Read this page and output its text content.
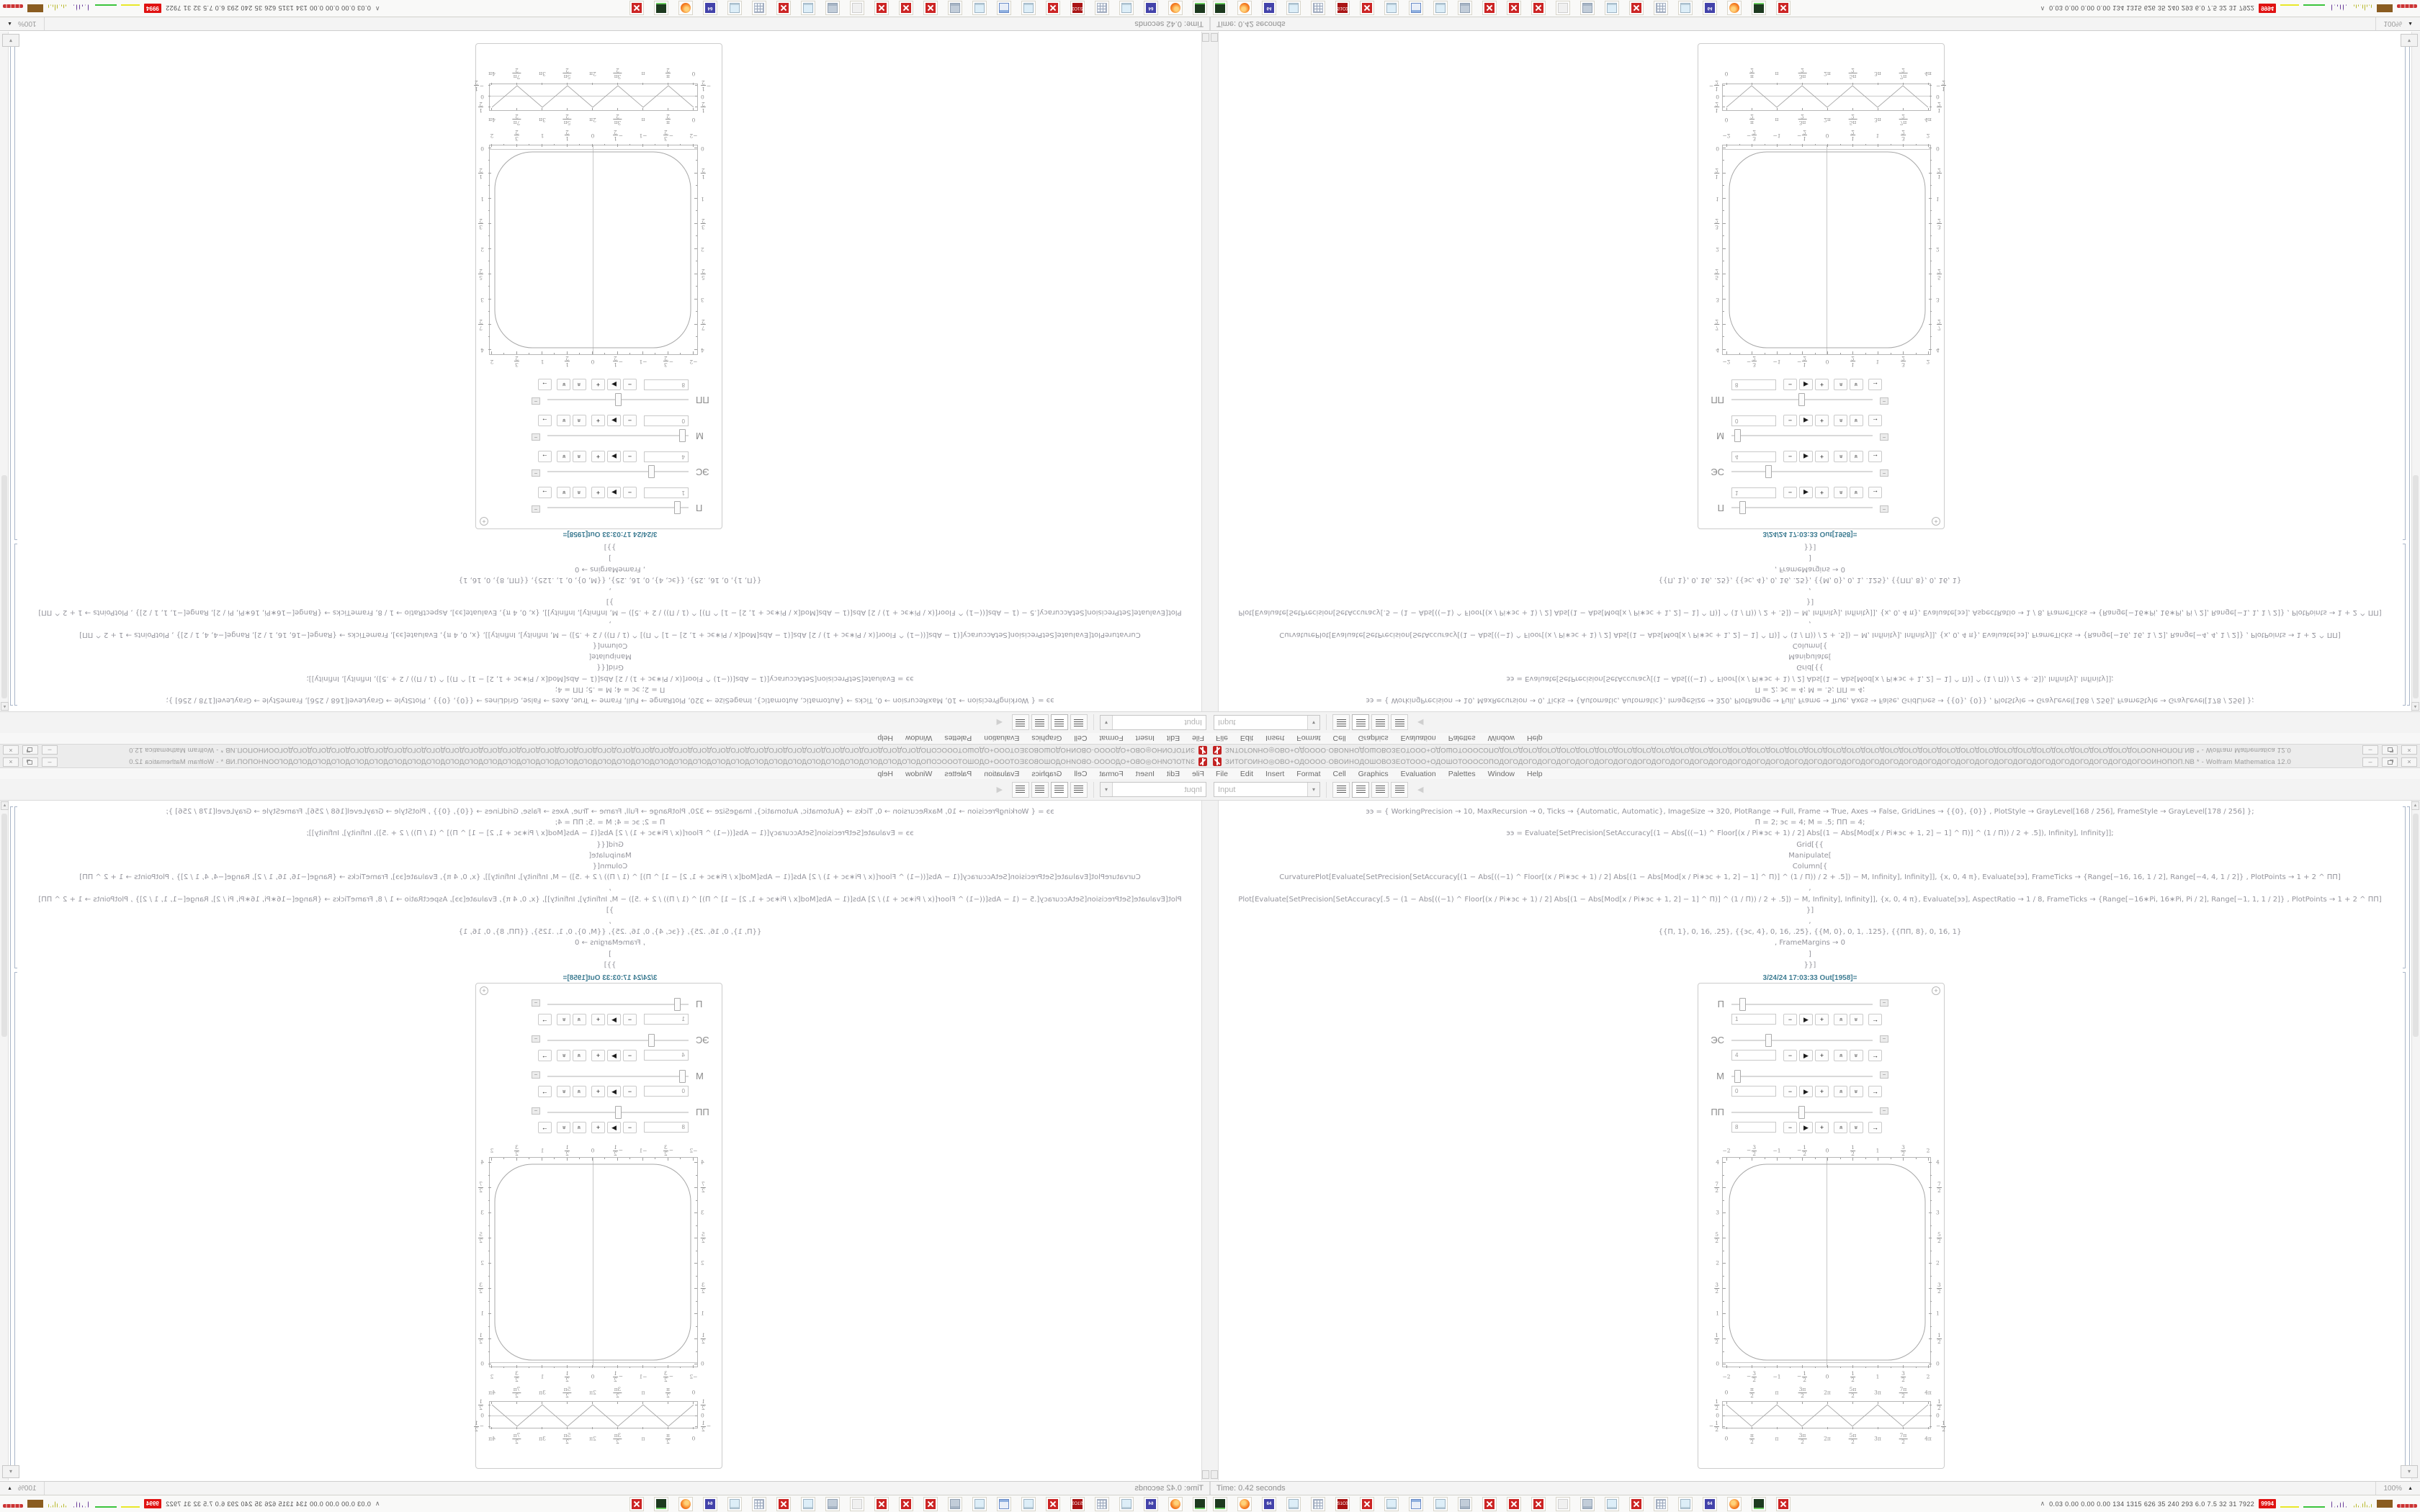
ЗИТОГОИНО◎ОВО+ОДОООО·ОВОИНОДОШОВОЗЕОТООО+ОДОШОТОООСОПОДОГОДОГОДОГОДОГОДОГОДОГОДОГОДОГОДОГОДОГОДОГОДОГОДОГОДОГОДОГОДОГОДОГОДОГОДОГОДОГОДОГОДОГОДОГОДОГОДОГОДОГОДОГОДОГОДОГОДОГОДОГОДОГОДОГОДОГООИНОПОП.NB * - Wolfram Mathematica 12.0
–
×
File
Edit
Insert
Format
Cell
Graphics
Evaluation
Palettes
Window
Help
Input
▾
◀
ээ = { WorkingPrecision → 10, MaxRecursion → 0, Ticks → {Automatic, Automatic}, ImageSize → 320, PlotRange → Full, Frame → True, Axes → False, GridLines → {{0}, {0}} , PlotStyle → GrayLevel[168 / 256], FrameStyle → GrayLevel[178 / 256] };
П = 2; эс = 4; M = .5; ПП = 4;
ээ = Evaluate[SetPrecision[SetAccuracy[(1 − Abs[((−1) ^ Floor[(x / Pi∗эс + 1) / 2] Abs[(1 − Abs[Mod[x / Pi∗эс + 1, 2] − 1] ^ П)] ^ (1 / П)) / 2 + .5]), Infinity], Infinity]];
Grid[{{
Manipulate[
Column[{
CurvaturePlot[Evaluate[SetPrecision[SetAccuracy[(1 − Abs[((−1) ^ Floor[(x / Pi∗эс + 1) / 2] Abs[(1 − Abs[Mod[x / Pi∗эс + 1, 2] − 1] ^ П)] ^ (1 / П)) / 2 + .5]) − M, Infinity], Infinity]], {x, 0, 4 π}, Evaluate[ээ], FrameTicks → {Range[−16, 16, 1 / 2], Range[−4, 4, 1 / 2]} , PlotPoints → 1 + 2 ^ ПП]
,
Plot[Evaluate[SetPrecision[SetAccuracy[.5 − (1 − Abs[((−1) ^ Floor[(x / Pi∗эс + 1) / 2] Abs[(1 − Abs[Mod[x / Pi∗эс + 1, 2] − 1] ^ П)] ^ (1 / П)) / 2 + .5]) − M, Infinity], Infinity]], {x, 0, 4 π}, Evaluate[ээ], AspectRatio → 1 / 8, FrameTicks → {Range[−16∗Pi, 16∗Pi, Pi / 2], Range[−1, 1, 1 / 2]} , PlotPoints → 1 + 2 ^ ПП]
}]
,
{{П, 1}, 0, 16, .25}, {{эс, 4}, 0, 16, .25}, {{M, 0}, 0, 1, .125}, {{ПП, 8}, 0, 16, 1}
, FrameMargins → 0
]
}}]
3/24/24 17:03:33 Out[1958]=
+
П
−
1
−
▶
+
»
»
→
ЭС
−
4
−
▶
+
»
»
→
M
−
0
−
▶
+
»
»
→
ПП
−
8
−
▶
+
»
»
→
−2
−2
−
3
2
−
3
2
−1
−1
−
1
2
−
1
2
0
0
1
2
1
2
1
1
3
2
3
2
2
2
4
4
7
2
7
2
3
3
5
2
5
2
2
2
3
2
3
2
1
1
1
2
1
2
0
0
0
0
π
2
π
2
π
π
3π
2
3π
2
2π
2π
5π
2
5π
2
3π
3π
7π
2
7π
2
4π
4π
1
2
1
2
0
0
−
1
2
−
1
2
▲
▾
Time: 0.42 seconds
100%
▲
64
S1C0
64
∧
0.03 0.00 0.00 0.00 134 1315 626 35 240 293 6.0 7.5 32 31 7922
9994
ЗИТОГОИНО◎ОВО+ОДОООО·ОВОИНОДОШОВОЗЕОТООО+ОДОШОТОООСОПОДОГОДОГОДОГОДОГОДОГОДОГОДОГОДОГОДОГОДОГОДОГОДОГОДОГОДОГОДОГОДОГОДОГОДОГОДОГОДОГОДОГОДОГОДОГОДОГОДОГОДОГОДОГОДОГОДОГОДОГОДОГОДОГОДОГОДОГООИНОПОП.NB * - Wolfram Mathematica 12.0	–	×
File Edit Insert Format Cell Graphics Evaluation Palettes Window Help
Input	▾	◀
ээ = { WorkingPrecision → 10, MaxRecursion → 0, Ticks → {Automatic, Automatic}, ImageSize → 320, PlotRange → Full, Frame → True, Axes → False, GridLines → {{0}, {0}} , PlotStyle → GrayLevel[168 / 256], FrameStyle → GrayLevel[178 / 256] };
П = 2; эс = 4; M = .5; ПП = 4;
ээ = Evaluate[SetPrecision[SetAccuracy[(1 − Abs[((−1) ^ Floor[(x / Pi∗эс + 1) / 2] Abs[(1 − Abs[Mod[x / Pi∗эс + 1, 2] − 1] ^ П)] ^ (1 / П)) / 2 + .5]), Infinity], Infinity]];
Grid[{{
Manipulate[
Column[{
CurvaturePlot[Evaluate[SetPrecision[SetAccuracy[(1 − Abs[((−1) ^ Floor[(x / Pi∗эс + 1) / 2] Abs[(1 − Abs[Mod[x / Pi∗эс + 1, 2] − 1] ^ П)] ^ (1 / П)) / 2 + .5]) − M, Infinity], Infinity]], {x, 0, 4 π}, Evaluate[ээ], FrameTicks → {Range[−16, 16, 1 / 2], Range[−4, 4, 1 / 2]} , PlotPoints → 1 + 2 ^ ПП]
,
Plot[Evaluate[SetPrecision[SetAccuracy[.5 − (1 − Abs[((−1) ^ Floor[(x / Pi∗эс + 1) / 2] Abs[(1 − Abs[Mod[x / Pi∗эс + 1, 2] − 1] ^ П)] ^ (1 / П)) / 2 + .5]) − M, Infinity], Infinity]], {x, 0, 4 π}, Evaluate[ээ], AspectRatio → 1 / 8, FrameTicks → {Range[−16∗Pi, 16∗Pi, Pi / 2], Range[−1, 1, 1 / 2]} , PlotPoints → 1 + 2 ^ ПП]
}]
,
{{П, 1}, 0, 16, .25}, {{эс, 4}, 0, 16, .25}, {{M, 0}, 0, 1, .125}, {{ПП, 8}, 0, 16, 1}
, FrameMargins → 0
]
}}]
3/24/24 17:03:33 Out[1958]=
+
П	−
1	−	▶	+	»	»	→
ЭС	−
4	−	▶	+	»	»	→
M	−
0	−	▶	+	»	»	→
ПП	−
8	−	▶	+	»	»	→
−2
−2
− 3
2
− 3
2
−1
−1
− 1
2
− 1
2
0
0
1
2
1
2
1
1
3
2
3
2
2
2
4	4
7
2
7
2
3	3
5
2
5
2
2	2
3
2
3
2
1	1
1
2
1
2
0	0
0
0
π
2
π
2
π
π
3π
2
3π
2
2π
2π
5π
2
5π
2
3π
3π
7π
2
7π
2
4π
4π
1
2
1
2
0	0
− 1
2	− 1
2
▲
▾
Time: 0.42 seconds	100% ▲
64	S1C0	64	∧ 0.03 0.00 0.00 0.00 134 1315 626 35 240 293 6.0 7.5 32 31 7922	9994
ЗИТОГОИНО◎ОВО+ОДОООО·ОВОИНОДОШОВОЗЕОТООО+ОДОШОТОООСОПОДОГОДОГОДОГОДОГОДОГОДОГОДОГОДОГОДОГОДОГОДОГОДОГОДОГОДОГОДОГОДОГОДОГОДОГОДОГОДОГОДОГОДОГОДОГОДОГОДОГОДОГОДОГОДОГОДОГОДОГОДОГОДОГОДОГОДОГООИНОПОП.NB * - Wolfram Mathematica 12.0
–
×
File
Edit
Insert
Format
Cell
Graphics
Evaluation
Palettes
Window
Help
Input
▾
◀
ээ = { WorkingPrecision → 10, MaxRecursion → 0, Ticks → {Automatic, Automatic}, ImageSize → 320, PlotRange → Full, Frame → True, Axes → False, GridLines → {{0}, {0}} , PlotStyle → GrayLevel[168 / 256], FrameStyle → GrayLevel[178 / 256] };
П = 2; эс = 4; M = .5; ПП = 4;
ээ = Evaluate[SetPrecision[SetAccuracy[(1 − Abs[((−1) ^ Floor[(x / Pi∗эс + 1) / 2] Abs[(1 − Abs[Mod[x / Pi∗эс + 1, 2] − 1] ^ П)] ^ (1 / П)) / 2 + .5]), Infinity], Infinity]];
Grid[{{
Manipulate[
Column[{
CurvaturePlot[Evaluate[SetPrecision[SetAccuracy[(1 − Abs[((−1) ^ Floor[(x / Pi∗эс + 1) / 2] Abs[(1 − Abs[Mod[x / Pi∗эс + 1, 2] − 1] ^ П)] ^ (1 / П)) / 2 + .5]) − M, Infinity], Infinity]], {x, 0, 4 π}, Evaluate[ээ], FrameTicks → {Range[−16, 16, 1 / 2], Range[−4, 4, 1 / 2]} , PlotPoints → 1 + 2 ^ ПП]
,
Plot[Evaluate[SetPrecision[SetAccuracy[.5 − (1 − Abs[((−1) ^ Floor[(x / Pi∗эс + 1) / 2] Abs[(1 − Abs[Mod[x / Pi∗эс + 1, 2] − 1] ^ П)] ^ (1 / П)) / 2 + .5]) − M, Infinity], Infinity]], {x, 0, 4 π}, Evaluate[ээ], AspectRatio → 1 / 8, FrameTicks → {Range[−16∗Pi, 16∗Pi, Pi / 2], Range[−1, 1, 1 / 2]} , PlotPoints → 1 + 2 ^ ПП]
}]
,
{{П, 1}, 0, 16, .25}, {{эс, 4}, 0, 16, .25}, {{M, 0}, 0, 1, .125}, {{ПП, 8}, 0, 16, 1}
, FrameMargins → 0
]
}}]
3/24/24 17:03:33 Out[1958]=
+
П
−
1
−
▶
+
»
»
→
ЭС
−
4
−
▶
+
»
»
→
M
−
0
−
▶
+
»
»
→
ПП
−
8
−
▶
+
»
»
→
−2
−2
−
$\frac{3}{2}$
−
$\frac{3}{2}$
−1
−1
−
$\frac{1}{2}$
−
$\frac{1}{2}$
0
0
1
2
1
2
1
1
3
2
3
2
2
2
4
4
7
2
7
2
3
3
5
2
5
2
2
2
3
2
3
2
1
1
1
2
1
2
0
0
0
0
π
2
π
2
π
π
3π
2
3π
2
2π
2π
5π
2
5π
2
3π
3π
7π
2
7π
2
4π
4π
1
2
1
2
0
0
−
$\frac{1}{2}$
−
$\frac{1}{2}$
▲
▾
Time: 0.42 seconds
100%
▲
64
S1C0
64
∧
0.03 0.00 0.00 0.00 134 1315 626 35 240 293 6.0 7.5 32 31 7922
9994
ЗИТОГОИНО◎ОВО+ОДОООО·ОВОИНОДОШОВОЗЕОТООО+ОДОШОТОООСОПОДОГОДОГОДОГОДОГОДОГОДОГОДОГОДОГОДОГОДОГОДОГОДОГОДОГОДОГОДОГОДОГОДОГОДОГОДОГОДОГОДОГОДОГОДОГОДОГОДОГОДОГОДОГОДОГОДОГОДОГОДОГОДОГОДОГОДОГООИНОПОП.NB * - Wolfram Mathematica 12.0	–	×
File Edit Insert Format Cell Graphics Evaluation Palettes Window Help
Input	▾	◀
ээ = { WorkingPrecision → 10, MaxRecursion → 0, Ticks → {Automatic, Automatic}, ImageSize → 320, PlotRange → Full, Frame → True, Axes → False, GridLines → {{0}, {0}} , PlotStyle → GrayLevel[168 / 256], FrameStyle → GrayLevel[178 / 256] };
П = 2; эс = 4; M = .5; ПП = 4;
ээ = Evaluate[SetPrecision[SetAccuracy[(1 − Abs[((−1) ^ Floor[(x / Pi∗эс + 1) / 2] Abs[(1 − Abs[Mod[x / Pi∗эс + 1, 2] − 1] ^ П)] ^ (1 / П)) / 2 + .5]), Infinity], Infinity]];
Grid[{{
Manipulate[
Column[{
CurvaturePlot[Evaluate[SetPrecision[SetAccuracy[(1 − Abs[((−1) ^ Floor[(x / Pi∗эс + 1) / 2] Abs[(1 − Abs[Mod[x / Pi∗эс + 1, 2] − 1] ^ П)] ^ (1 / П)) / 2 + .5]) − M, Infinity], Infinity]], {x, 0, 4 π}, Evaluate[ээ], FrameTicks → {Range[−16, 16, 1 / 2], Range[−4, 4, 1 / 2]} , PlotPoints → 1 + 2 ^ ПП]
,
Plot[Evaluate[SetPrecision[SetAccuracy[.5 − (1 − Abs[((−1) ^ Floor[(x / Pi∗эс + 1) / 2] Abs[(1 − Abs[Mod[x / Pi∗эс + 1, 2] − 1] ^ П)] ^ (1 / П)) / 2 + .5]) − M, Infinity], Infinity]], {x, 0, 4 π}, Evaluate[ээ], AspectRatio → 1 / 8, FrameTicks → {Range[−16∗Pi, 16∗Pi, Pi / 2], Range[−1, 1, 1 / 2]} , PlotPoints → 1 + 2 ^ ПП]
}]
,
{{П, 1}, 0, 16, .25}, {{эс, 4}, 0, 16, .25}, {{M, 0}, 0, 1, .125}, {{ПП, 8}, 0, 16, 1}
, FrameMargins → 0
]
}}]
3/24/24 17:03:33 Out[1958]=
+
П	−
1	−	▶	+	»	»	→
ЭС	−
4	−	▶	+	»	»	→
M	−
0	−	▶	+	»	»	→
ПП	−
8	−	▶	+	»	»	→
−2
−2
− $\frac{3}{2}$
− $\frac{3}{2}$
−1
−1
− $\frac{1}{2}$
− $\frac{1}{2}$
0
0
1
2
1
2
1
1
3
2
3
2
2
2
4	4
7
2
7
2
3	3
5
2
5
2
2	2
3
2
3
2
1	1
1
2
1
2
0	0
0
0
π
2
π
2
π
π
3π
2
3π
2
2π
2π
5π
2
5π
2
3π
3π
7π
2
7π
2
4π
4π
1
2
1
2
0	0
− $\frac{1}{2}$	− $\frac{1}{2}$
▲
▾
Time: 0.42 seconds	100% ▲
64	S1C0	64	∧ 0.03 0.00 0.00 0.00 134 1315 626 35 240 293 6.0 7.5 32 31 7922	9994
